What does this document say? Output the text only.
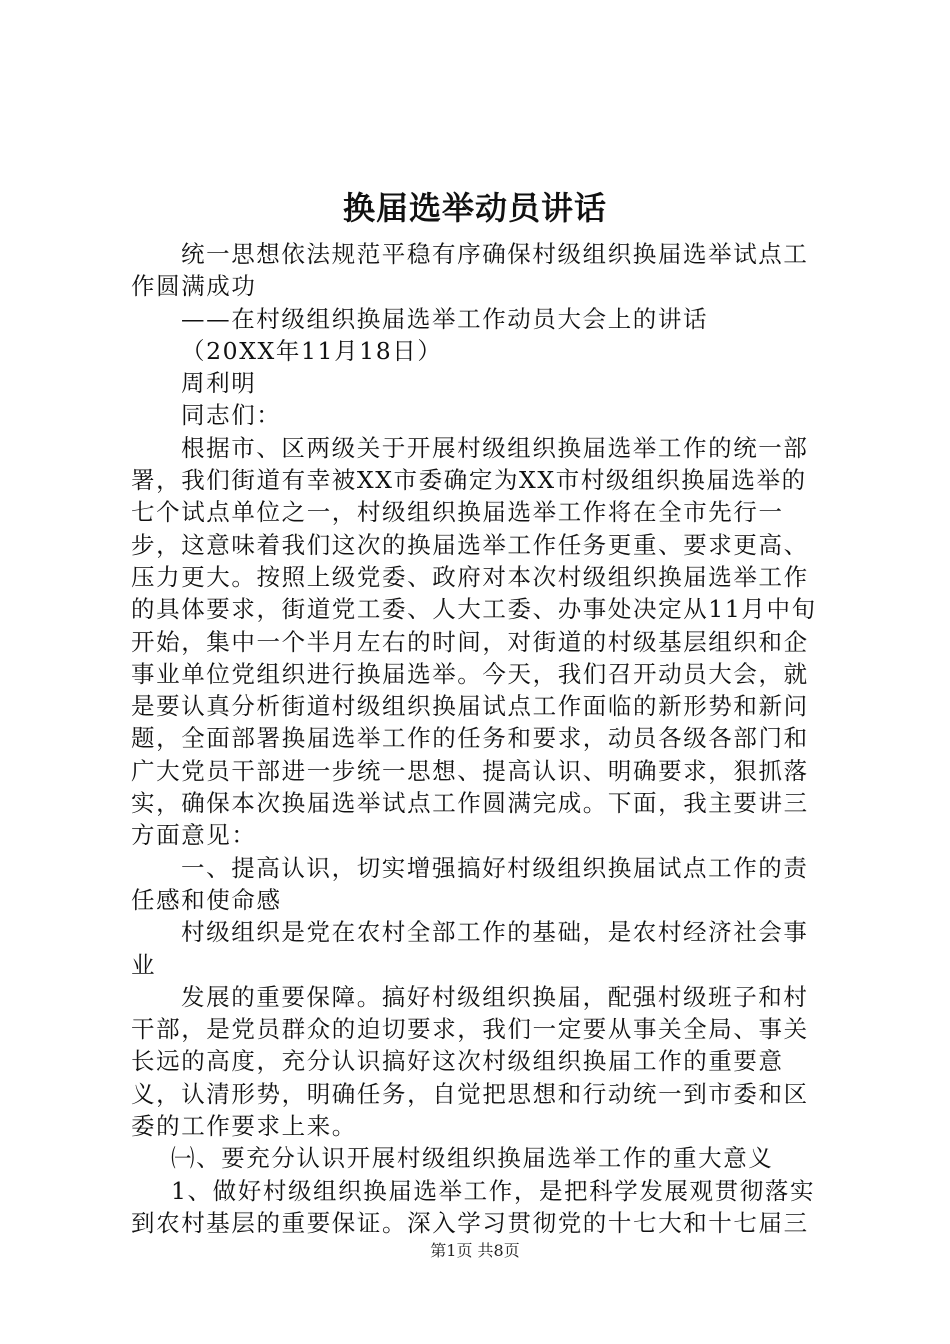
换届选举动员讲话

统一思想依法规范平稳有序确保村级组织换届选举试点工作圆满成功

——在村级组织换届选举工作动员大会上的讲话

（20XX年11月18日）

周利明

同志们：

根据市、区两级关于开展村级组织换届选举工作的统一部署，我们街道有幸被XX市委确定为XX市村级组织换届选举的七个试点单位之一，村级组织换届选举工作将在全市先行一步，这意味着我们这次的换届选举工作任务更重、要求更高、压力更大。按照上级党委、政府对本次村级组织换届选举工作的具体要求，街道党工委、人大工委、办事处决定从11月中旬开始，集中一个半月左右的时间，对街道的村级基层组织和企事业单位党组织进行换届选举。今天，我们召开动员大会，就是要认真分析街道村级组织换届试点工作面临的新形势和新问题，全面部署换届选举工作的任务和要求，动员各级各部门和广大党员干部进一步统一思想、提高认识、明确要求，狠抓落实，确保本次换届选举试点工作圆满完成。下面，我主要讲三方面意见：

一、提高认识，切实增强搞好村级组织换届试点工作的责任感和使命感

村级组织是党在农村全部工作的基础，是农村经济社会事业

发展的重要保障。搞好村级组织换届，配强村级班子和村干部，是党员群众的迫切要求，我们一定要从事关全局、事关长远的高度，充分认识搞好这次村级组织换届工作的重要意义，认清形势，明确任务，自觉把思想和行动统一到市委和区委的工作要求上来。

㈠、要充分认识开展村级组织换届选举工作的重大意义

1、做好村级组织换届选举工作，是把科学发展观贯彻落实到农村基层的重要保证。深入学习贯彻党的十七大和十七届三

第1页 共8页
